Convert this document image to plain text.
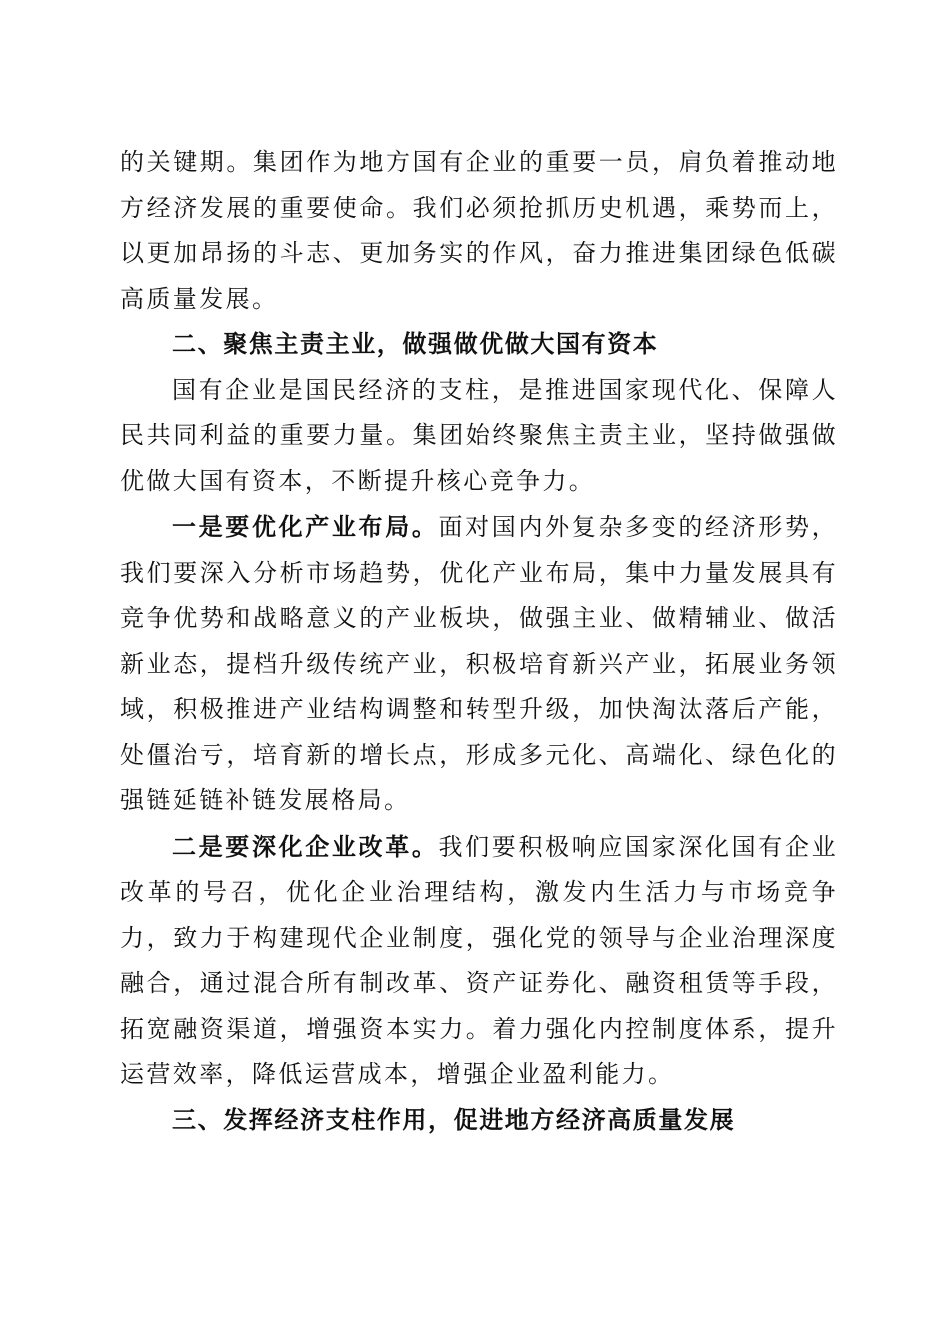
的关键期。集团作为地方国有企业的重要一员，肩负着推动地方经济发展的重要使命。我们必须抢抓历史机遇，乘势而上，以更加昂扬的斗志、更加务实的作风，奋力推进集团绿色低碳高质量发展。

二、聚焦主责主业，做强做优做大国有资本

国有企业是国民经济的支柱，是推进国家现代化、保障人民共同利益的重要力量。集团始终聚焦主责主业，坚持做强做优做大国有资本，不断提升核心竞争力。

一是要优化产业布局。面对国内外复杂多变的经济形势，我们要深入分析市场趋势，优化产业布局，集中力量发展具有竞争优势和战略意义的产业板块，做强主业、做精辅业、做活新业态，提档升级传统产业，积极培育新兴产业，拓展业务领域，积极推进产业结构调整和转型升级，加快淘汰落后产能，处僵治亏，培育新的增长点，形成多元化、高端化、绿色化的强链延链补链发展格局。

二是要深化企业改革。我们要积极响应国家深化国有企业改革的号召，优化企业治理结构，激发内生活力与市场竞争力，致力于构建现代企业制度，强化党的领导与企业治理深度融合，通过混合所有制改革、资产证券化、融资租赁等手段，拓宽融资渠道，增强资本实力。着力强化内控制度体系，提升运营效率，降低运营成本，增强企业盈利能力。

三、发挥经济支柱作用，促进地方经济高质量发展
